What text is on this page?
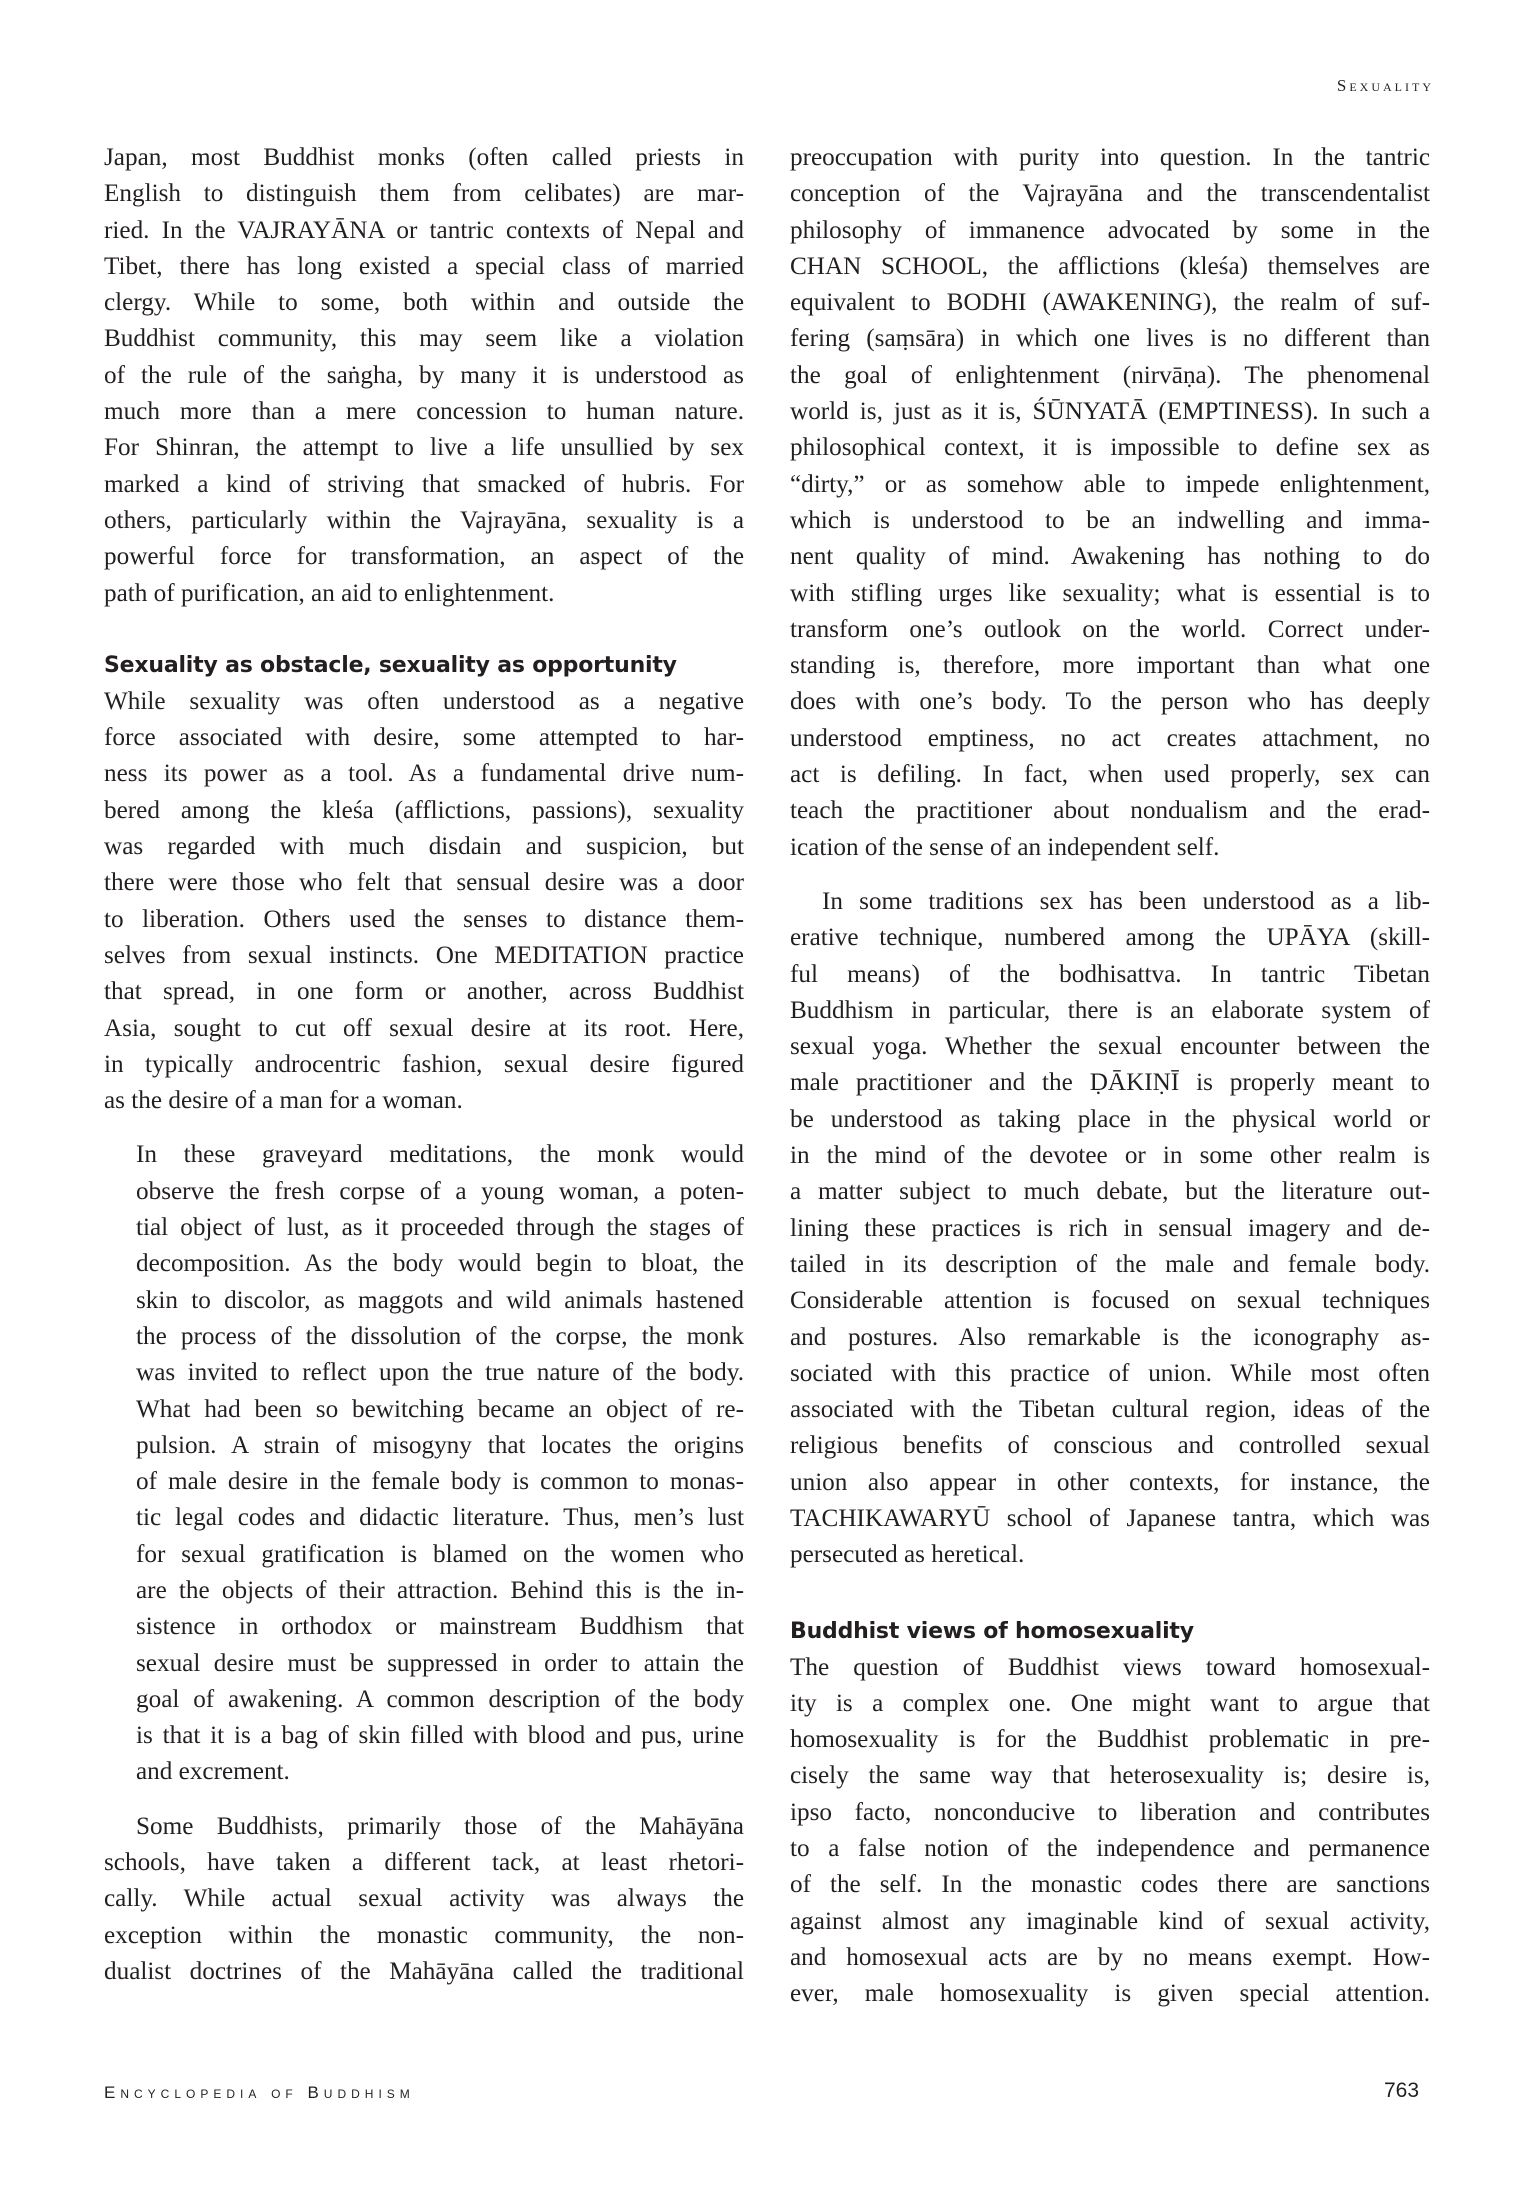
Sexuality

Japan, most Buddhist monks (often called priests in
English to distinguish them from celibates) are mar-
ried. In the VAJRAYĀNA or tantric contexts of Nepal and
Tibet, there has long existed a special class of married
clergy. While to some, both within and outside the
Buddhist community, this may seem like a violation
of the rule of the saṅgha, by many it is understood as
much more than a mere concession to human nature.
For Shinran, the attempt to live a life unsullied by sex
marked a kind of striving that smacked of hubris. For
others, particularly within the Vajrayāna, sexuality is a
powerful force for transformation, an aspect of the
path of purification, an aid to enlightenment.

Sexuality as obstacle, sexuality as opportunity

While sexuality was often understood as a negative
force associated with desire, some attempted to har-
ness its power as a tool. As a fundamental drive num-
bered among the kleśa (afflictions, passions), sexuality
was regarded with much disdain and suspicion, but
there were those who felt that sensual desire was a door
to liberation. Others used the senses to distance them-
selves from sexual instincts. One MEDITATION practice
that spread, in one form or another, across Buddhist
Asia, sought to cut off sexual desire at its root. Here,
in typically androcentric fashion, sexual desire figured
as the desire of a man for a woman.

In these graveyard meditations, the monk would
observe the fresh corpse of a young woman, a poten-
tial object of lust, as it proceeded through the stages of
decomposition. As the body would begin to bloat, the
skin to discolor, as maggots and wild animals hastened
the process of the dissolution of the corpse, the monk
was invited to reflect upon the true nature of the body.
What had been so bewitching became an object of re-
pulsion. A strain of misogyny that locates the origins
of male desire in the female body is common to monas-
tic legal codes and didactic literature. Thus, men’s lust
for sexual gratification is blamed on the women who
are the objects of their attraction. Behind this is the in-
sistence in orthodox or mainstream Buddhism that
sexual desire must be suppressed in order to attain the
goal of awakening. A common description of the body
is that it is a bag of skin filled with blood and pus, urine
and excrement.

Some Buddhists, primarily those of the Mahāyāna
schools, have taken a different tack, at least rhetori-
cally. While actual sexual activity was always the
exception within the monastic community, the non-
dualist doctrines of the Mahāyāna called the traditional

preoccupation with purity into question. In the tantric
conception of the Vajrayāna and the transcendentalist
philosophy of immanence advocated by some in the
CHAN SCHOOL, the afflictions (kleśa) themselves are
equivalent to BODHI (AWAKENING), the realm of suf-
fering (saṃsāra) in which one lives is no different than
the goal of enlightenment (nirvāṇa). The phenomenal
world is, just as it is, ŚŪNYATĀ (EMPTINESS). In such a
philosophical context, it is impossible to define sex as
“dirty,” or as somehow able to impede enlightenment,
which is understood to be an indwelling and imma-
nent quality of mind. Awakening has nothing to do
with stifling urges like sexuality; what is essential is to
transform one’s outlook on the world. Correct under-
standing is, therefore, more important than what one
does with one’s body. To the person who has deeply
understood emptiness, no act creates attachment, no
act is defiling. In fact, when used properly, sex can
teach the practitioner about nondualism and the erad-
ication of the sense of an independent self.

In some traditions sex has been understood as a lib-
erative technique, numbered among the UPĀYA (skill-
ful means) of the bodhisattva. In tantric Tibetan
Buddhism in particular, there is an elaborate system of
sexual yoga. Whether the sexual encounter between the
male practitioner and the ḌĀKIṆĪ is properly meant to
be understood as taking place in the physical world or
in the mind of the devotee or in some other realm is
a matter subject to much debate, but the literature out-
lining these practices is rich in sensual imagery and de-
tailed in its description of the male and female body.
Considerable attention is focused on sexual techniques
and postures. Also remarkable is the iconography as-
sociated with this practice of union. While most often
associated with the Tibetan cultural region, ideas of the
religious benefits of conscious and controlled sexual
union also appear in other contexts, for instance, the
TACHIKAWARYŪ school of Japanese tantra, which was
persecuted as heretical.

Buddhist views of homosexuality

The question of Buddhist views toward homosexual-
ity is a complex one. One might want to argue that
homosexuality is for the Buddhist problematic in pre-
cisely the same way that heterosexuality is; desire is,
ipso facto, nonconducive to liberation and contributes
to a false notion of the independence and permanence
of the self. In the monastic codes there are sanctions
against almost any imaginable kind of sexual activity,
and homosexual acts are by no means exempt. How-
ever, male homosexuality is given special attention.

Encyclopedia of Buddhism	763
